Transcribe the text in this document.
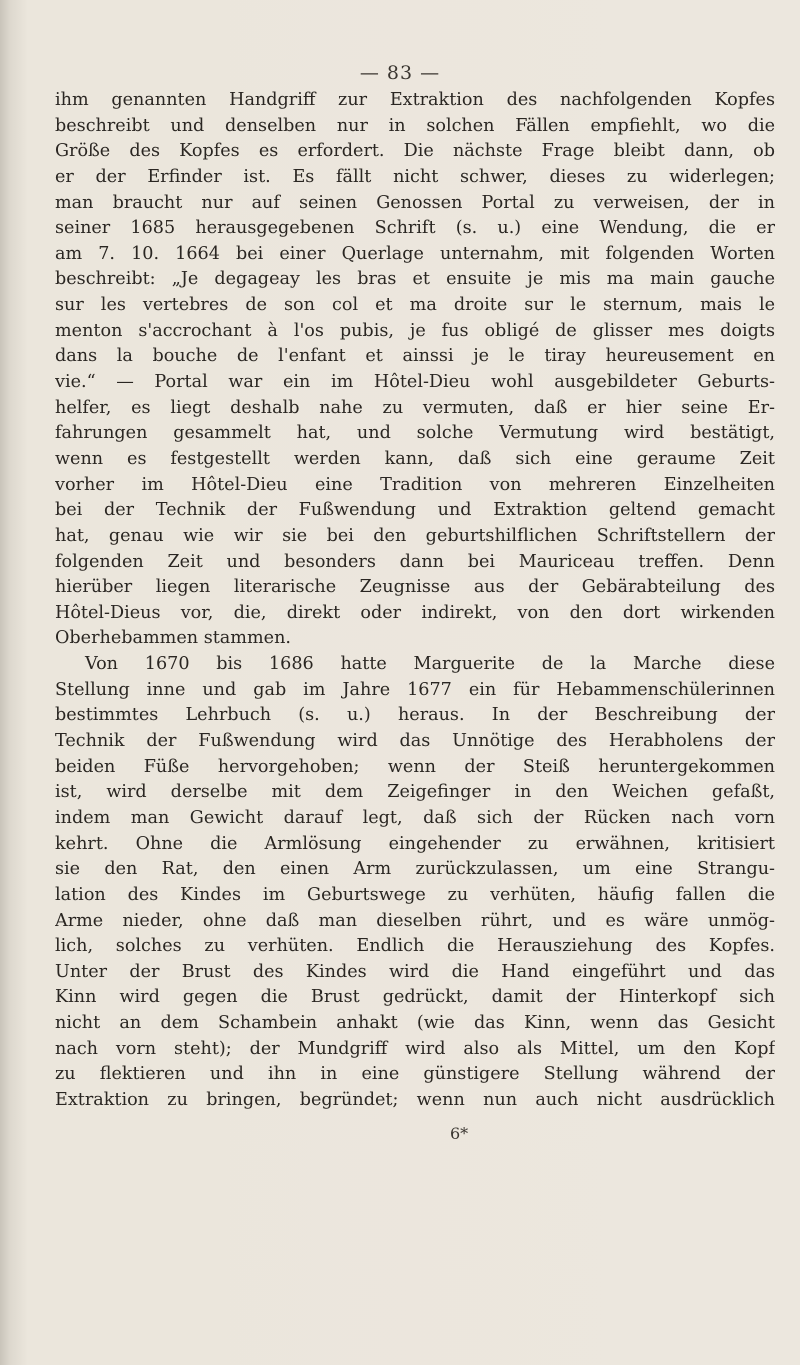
— 83 —
ihm genannten Handgriff zur Extraktion des nachfolgenden Kopfes
beschreibt und denselben nur in solchen Fällen empfiehlt, wo die
Größe des Kopfes es erfordert. Die nächste Frage bleibt dann, ob
er der Erfinder ist. Es fällt nicht schwer, dieses zu widerlegen;
man braucht nur auf seinen Genossen Portal zu verweisen, der in
seiner 1685 herausgegebenen Schrift (s. u.) eine Wendung, die er
am 7. 10. 1664 bei einer Querlage unternahm, mit folgenden Worten
beschreibt: „Je degageay les bras et ensuite je mis ma main gauche
sur les vertebres de son col et ma droite sur le sternum, mais le
menton s'accrochant à l'os pubis, je fus obligé de glisser mes doigts
dans la bouche de l'enfant et ainssi je le tiray heureusement en
vie.“ — Portal war ein im Hôtel-Dieu wohl ausgebildeter Geburts-
helfer, es liegt deshalb nahe zu vermuten, daß er hier seine Er-
fahrungen gesammelt hat, und solche Vermutung wird bestätigt,
wenn es festgestellt werden kann, daß sich eine geraume Zeit
vorher im Hôtel-Dieu eine Tradition von mehreren Einzelheiten
bei der Technik der Fußwendung und Extraktion geltend gemacht
hat, genau wie wir sie bei den geburtshilflichen Schriftstellern der
folgenden Zeit und besonders dann bei Mauriceau treffen. Denn
hierüber liegen literarische Zeugnisse aus der Gebärabteilung des
Hôtel-Dieus vor, die, direkt oder indirekt, von den dort wirkenden
Oberhebammen stammen.
Von 1670 bis 1686 hatte Marguerite de la Marche diese
Stellung inne und gab im Jahre 1677 ein für Hebammenschülerinnen
bestimmtes Lehrbuch (s. u.) heraus. In der Beschreibung der
Technik der Fußwendung wird das Unnötige des Herabholens der
beiden Füße hervorgehoben; wenn der Steiß heruntergekommen
ist, wird derselbe mit dem Zeigefinger in den Weichen gefaßt,
indem man Gewicht darauf legt, daß sich der Rücken nach vorn
kehrt. Ohne die Armlösung eingehender zu erwähnen, kritisiert
sie den Rat, den einen Arm zurückzulassen, um eine Strangu-
lation des Kindes im Geburtswege zu verhüten, häufig fallen die
Arme nieder, ohne daß man dieselben rührt, und es wäre unmög-
lich, solches zu verhüten. Endlich die Herausziehung des Kopfes.
Unter der Brust des Kindes wird die Hand eingeführt und das
Kinn wird gegen die Brust gedrückt, damit der Hinterkopf sich
nicht an dem Schambein anhakt (wie das Kinn, wenn das Gesicht
nach vorn steht); der Mundgriff wird also als Mittel, um den Kopf
zu flektieren und ihn in eine günstigere Stellung während der
Extraktion zu bringen, begründet; wenn nun auch nicht ausdrücklich
6*
